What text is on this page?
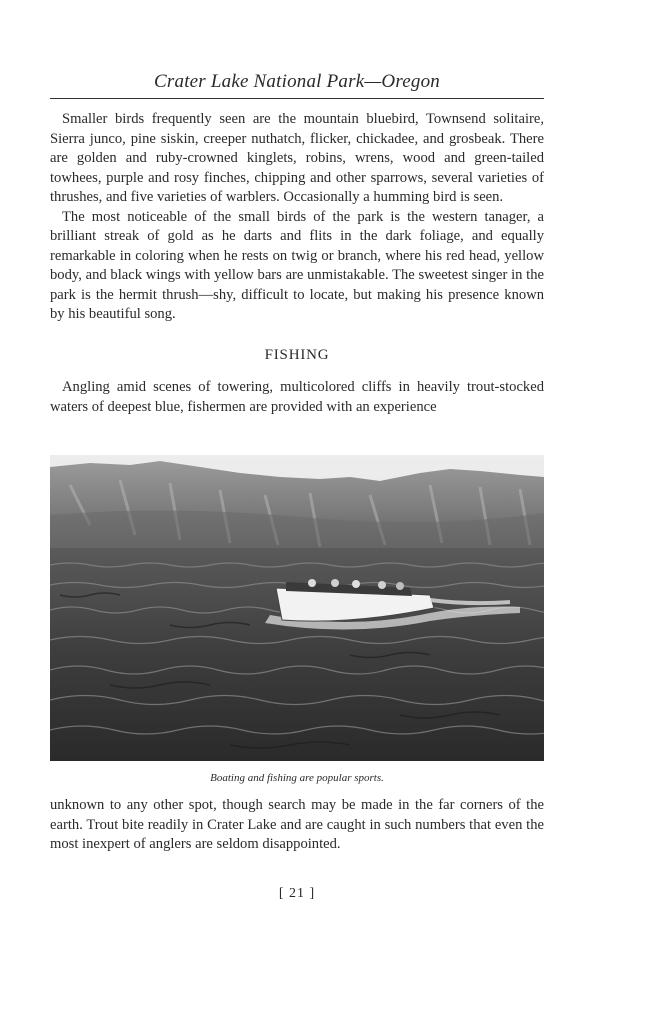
Crater Lake National Park—Oregon

Smaller birds frequently seen are the mountain bluebird, Townsend solitaire, Sierra junco, pine siskin, creeper nuthatch, flicker, chickadee, and grosbeak. There are golden and ruby-crowned kinglets, robins, wrens, wood and green-tailed towhees, purple and rosy finches, chipping and other sparrows, several varieties of thrushes, and five varieties of warblers. Occasionally a humming bird is seen.

The most noticeable of the small birds of the park is the western tanager, a brilliant streak of gold as he darts and flits in the dark foliage, and equally remarkable in coloring when he rests on twig or branch, where his red head, yellow body, and black wings with yellow bars are unmistakable. The sweetest singer in the park is the hermit thrush—shy, difficult to locate, but making his presence known by his beautiful song.

FISHING

Angling amid scenes of towering, multicolored cliffs in heavily trout-stocked waters of deepest blue, fishermen are provided with an experience

Boating and fishing are popular sports.

unknown to any other spot, though search may be made in the far corners of the earth. Trout bite readily in Crater Lake and are caught in such numbers that even the most inexpert of anglers are seldom disappointed.

[ 21 ]
